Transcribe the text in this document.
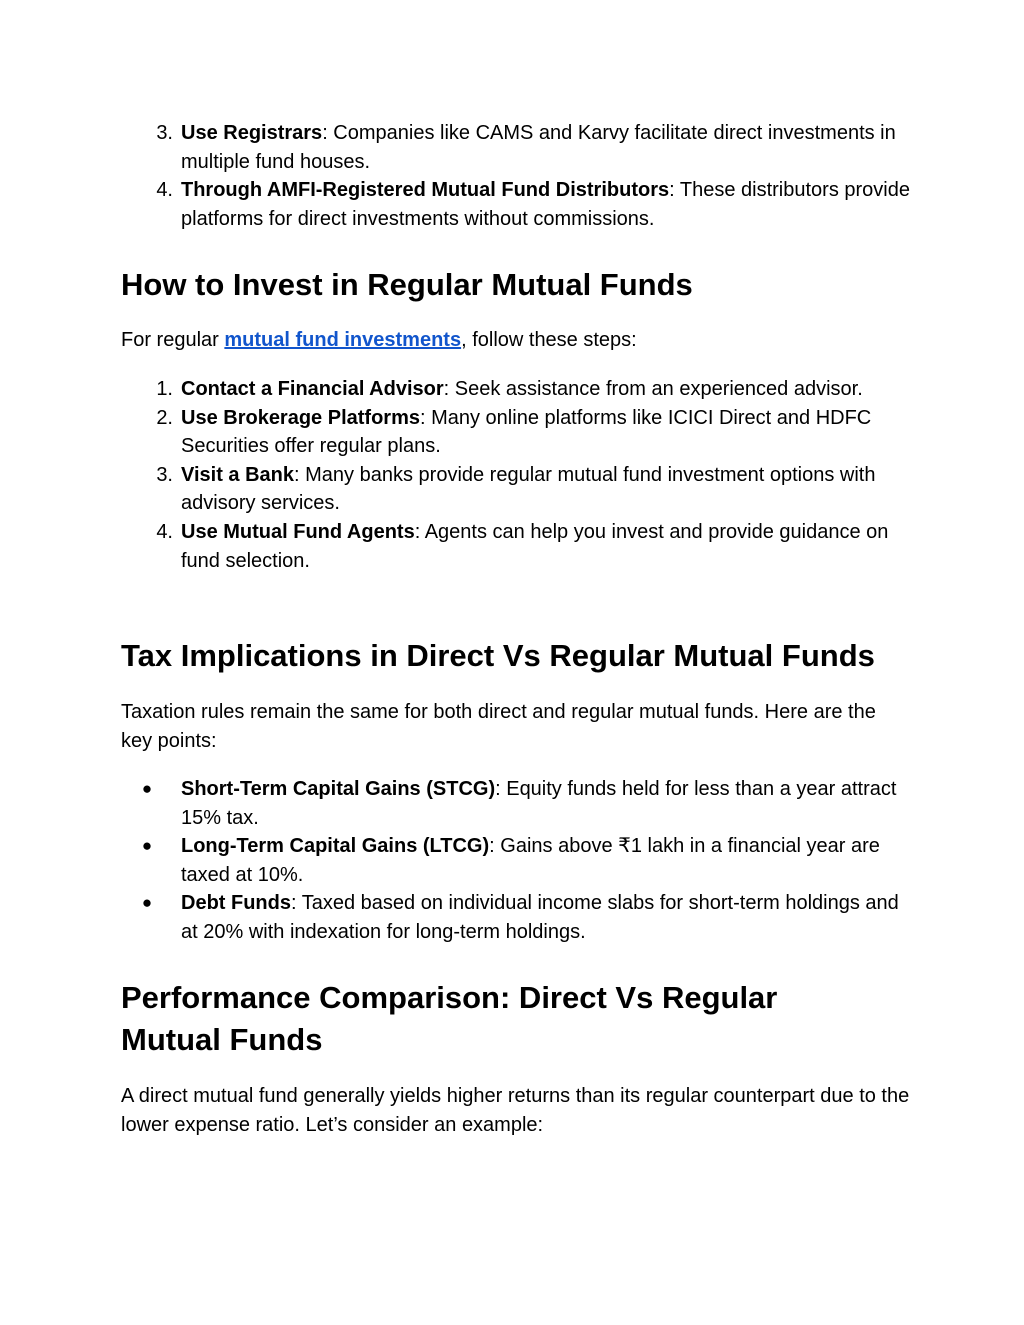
3. Use Registrars: Companies like CAMS and Karvy facilitate direct investments in multiple fund houses.
4. Through AMFI-Registered Mutual Fund Distributors: These distributors provide platforms for direct investments without commissions.
How to Invest in Regular Mutual Funds

For regular mutual fund investments, follow these steps:

1. Contact a Financial Advisor: Seek assistance from an experienced advisor.
2. Use Brokerage Platforms: Many online platforms like ICICI Direct and HDFC Securities offer regular plans.
3. Visit a Bank: Many banks provide regular mutual fund investment options with advisory services.
4. Use Mutual Fund Agents: Agents can help you invest and provide guidance on fund selection.
Tax Implications in Direct Vs Regular Mutual Funds

Taxation rules remain the same for both direct and regular mutual funds. Here are the key points:

● Short-Term Capital Gains (STCG): Equity funds held for less than a year attract 15% tax.
● Long-Term Capital Gains (LTCG): Gains above ₹1 lakh in a financial year are taxed at 10%.
● Debt Funds: Taxed based on individual income slabs for short-term holdings and at 20% with indexation for long-term holdings.
Performance Comparison: Direct Vs Regular Mutual Funds

A direct mutual fund generally yields higher returns than its regular counterpart due to the lower expense ratio. Let’s consider an example:
